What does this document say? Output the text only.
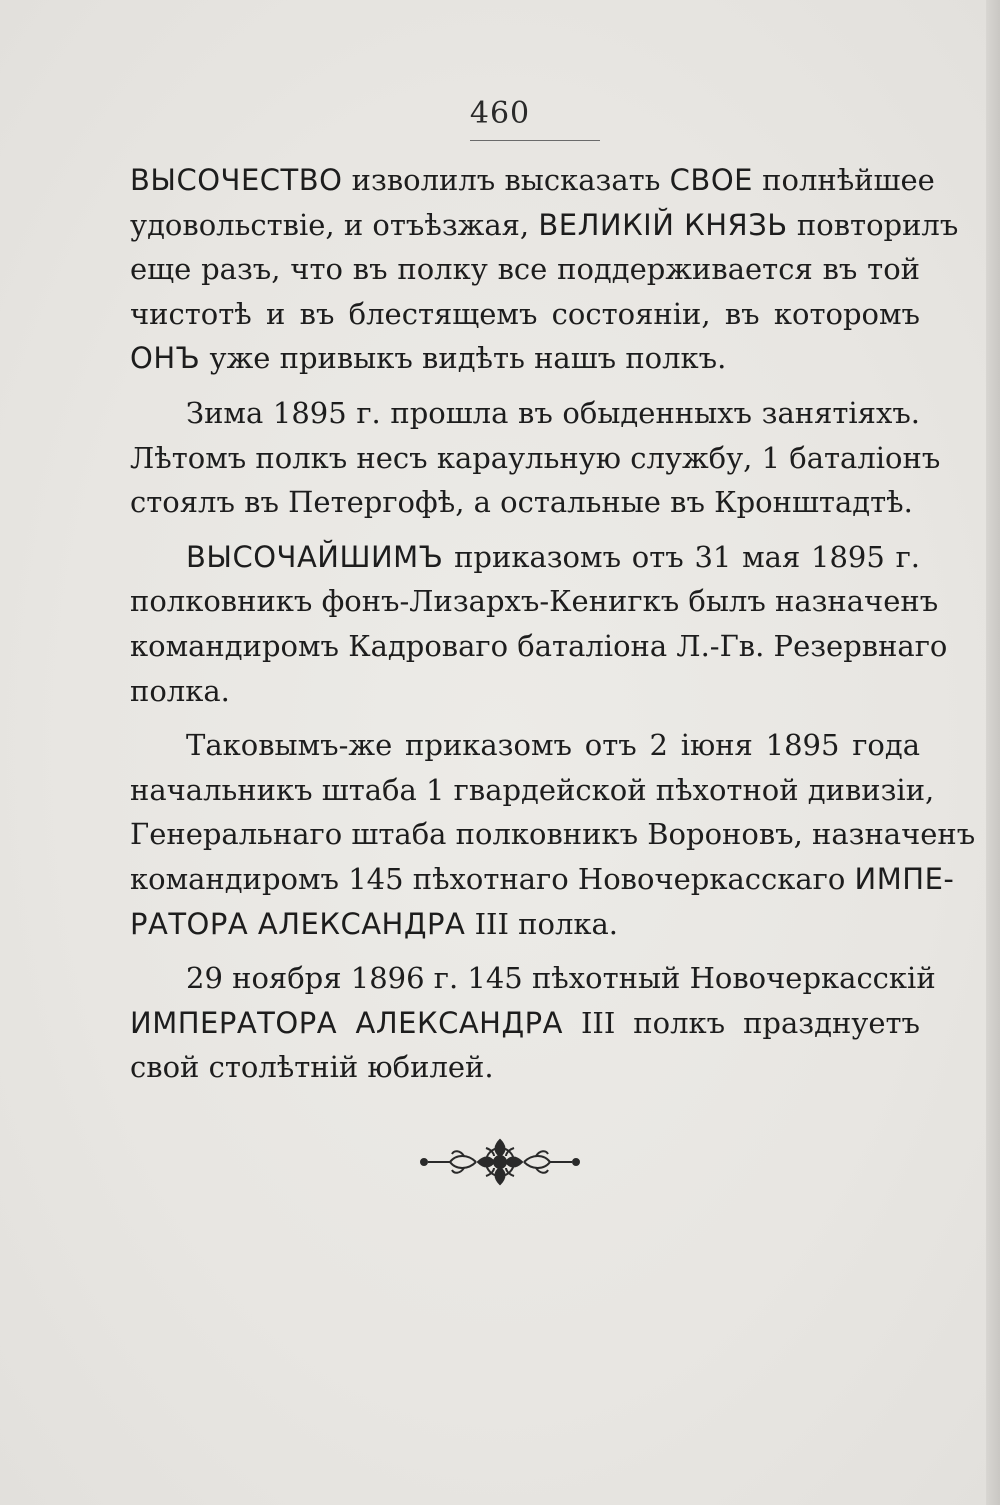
460
ВЫСОЧЕСТВО изволилъ высказать СВОЕ полнѣйшее
удовольствіе, и отъѣзжая, ВЕЛИКІЙ КНЯЗЬ повторилъ
еще разъ, что въ полку все поддерживается въ той
чистотѣ и въ блестящемъ состояніи, въ которомъ
ОНЪ уже привыкъ видѣть нашъ полкъ.
Зима 1895 г. прошла въ обыденныхъ занятіяхъ.
Лѣтомъ полкъ несъ караульную службу, 1 баталіонъ
стоялъ въ Петергофѣ, а остальные въ Кронштадтѣ.
ВЫСОЧАЙШИМЪ приказомъ отъ 31 мая 1895 г.
полковникъ фонъ-Лизархъ-Кенигкъ былъ назначенъ
командиромъ Кадроваго баталіона Л.-Гв. Резервнаго
полка.
Таковымъ-же приказомъ отъ 2 іюня 1895 года
начальникъ штаба 1 гвардейской пѣхотной дивизіи,
Генеральнаго штаба полковникъ Вороновъ, назначенъ
командиромъ 145 пѣхотнаго Новочеркасскаго ИМПЕ-
РАТОРА АЛЕКСАНДРА III полка.
29 ноября 1896 г. 145 пѣхотный Новочеркасскій
ИМПЕРАТОРА АЛЕКСАНДРА III полкъ празднуетъ
свой столѣтній юбилей.
